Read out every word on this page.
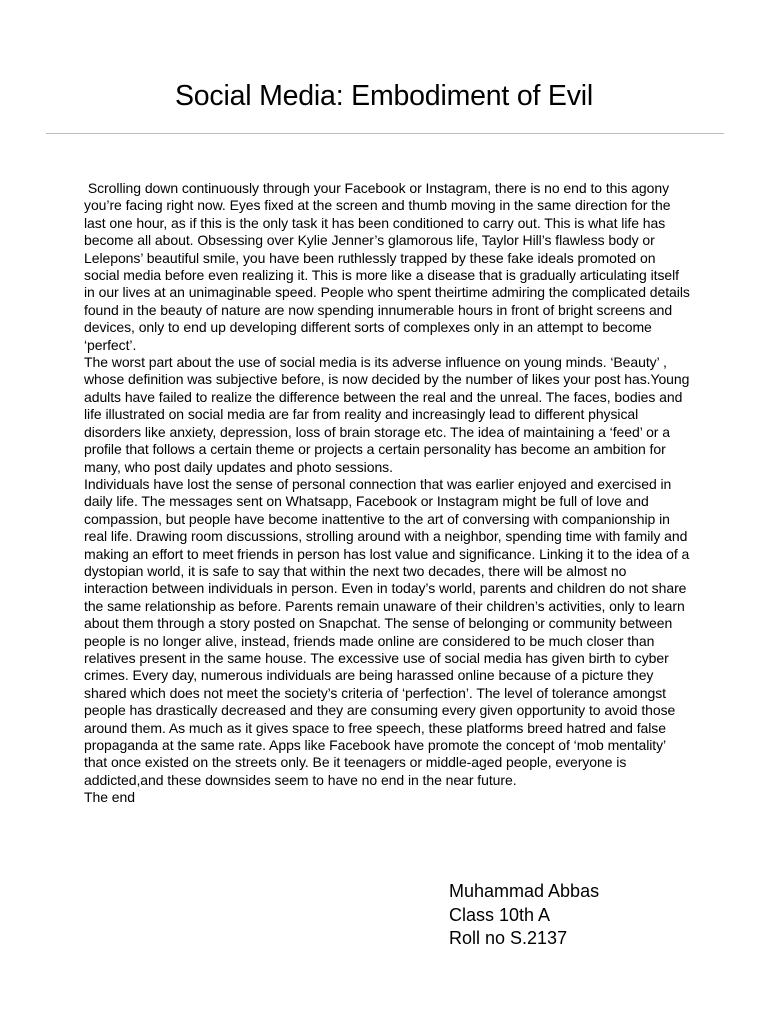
Social Media: Embodiment of Evil

Scrolling down continuously through your Facebook or Instagram, there is no end to this agony you’re facing right now. Eyes fixed at the screen and thumb moving in the same direction for the last one hour, as if this is the only task it has been conditioned to carry out. This is what life has become all about. Obsessing over Kylie Jenner’s glamorous life, Taylor Hill’s flawless body or Lelepons’ beautiful smile, you have been ruthlessly trapped by these fake ideals promoted on social media before even realizing it. This is more like a disease that is gradually articulating itself in our lives at an unimaginable speed. People who spent theirtime admiring the complicated details found in the beauty of nature are now spending innumerable hours in front of bright screens and devices, only to end up developing different sorts of complexes only in an attempt to become ‘perfect’.

The worst part about the use of social media is its adverse influence on young minds. ‘Beauty’ , whose definition was subjective before, is now decided by the number of likes your post has.Young adults have failed to realize the difference between the real and the unreal. The faces, bodies and life illustrated on social media are far from reality and increasingly lead to different physical disorders like anxiety, depression, loss of brain storage etc. The idea of maintaining a ‘feed’ or a profile that follows a certain theme or projects a certain personality has become an ambition for many, who post daily updates and photo sessions.

Individuals have lost the sense of personal connection that was earlier enjoyed and exercised in daily life. The messages sent on Whatsapp, Facebook or Instagram might be full of love and compassion, but people have become inattentive to the art of conversing with companionship in real life. Drawing room discussions, strolling around with a neighbor, spending time with family and making an effort to meet friends in person has lost value and significance. Linking it to the idea of a dystopian world, it is safe to say that within the next two decades, there will be almost no interaction between individuals in person. Even in today’s world, parents and children do not share the same relationship as before. Parents remain unaware of their children’s activities, only to learn about them through a story posted on Snapchat. The sense of belonging or community between people is no longer alive, instead, friends made online are considered to be much closer than relatives present in the same house. The excessive use of social media has given birth to cyber crimes. Every day, numerous individuals are being harassed online because of a picture they shared which does not meet the society’s criteria of ‘perfection’. The level of tolerance amongst people has drastically decreased and they are consuming every given opportunity to avoid those around them. As much as it gives space to free speech, these platforms breed hatred and false propaganda at the same rate. Apps like Facebook have promote the concept of ‘mob mentality’ that once existed on the streets only. Be it teenagers or middle-aged people, everyone is addicted,and these downsides seem to have no end in the near future.

The end

Muhammad Abbas
Class 10th A
Roll no S.2137
